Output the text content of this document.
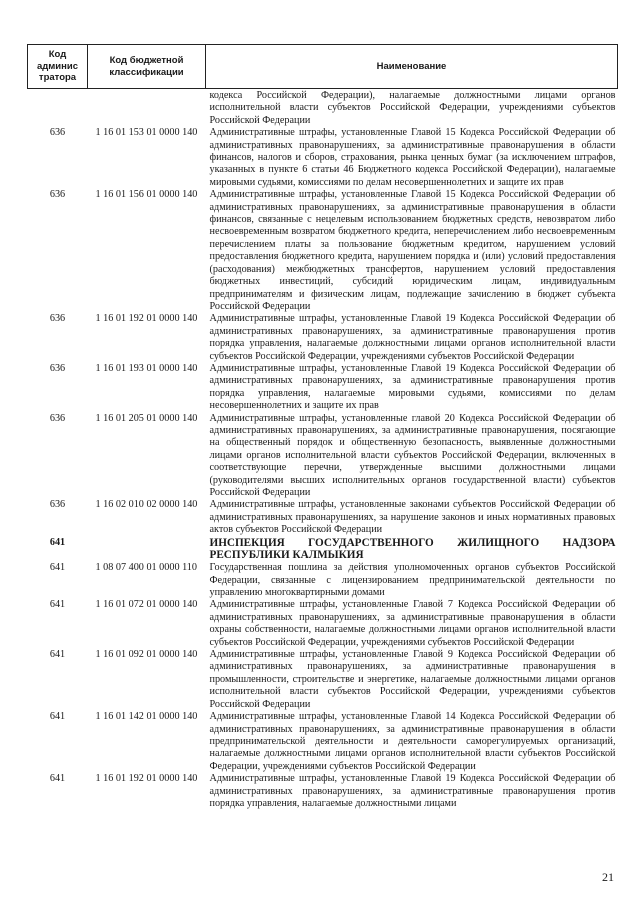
Код админис тратора	Код бюджетной классификации	Наименование
		кодекса Российской Федерации), налагаемые должностными лицами органов исполнительной власти субъектов Российской Федерации, учреждениями субъектов Российской Федерации
636	1 16 01 153 01 0000 140	Административные штрафы, установленные Главой 15 Кодекса Российской Федерации об административных правонарушениях, за административные правонарушения в области финансов, налогов и сборов, страхования, рынка ценных бумаг (за исключением штрафов, указанных в пункте 6 статьи 46 Бюджетного кодекса Российской Федерации), налагаемые мировыми судьями, комиссиями по делам несовершеннолетних и защите их прав
636	1 16 01 156 01 0000 140	Административные штрафы, установленные Главой 15 Кодекса Российской Федерации об административных правонарушениях, за административные правонарушения в области финансов, связанные с нецелевым использованием бюджетных средств, невозвратом либо несвоевременным возвратом бюджетного кредита, неперечислением либо несвоевременным перечислением платы за пользование бюджетным кредитом, нарушением условий предоставления бюджетного кредита, нарушением порядка и (или) условий предоставления (расходования) межбюджетных трансфертов, нарушением условий предоставления бюджетных инвестиций, субсидий юридическим лицам, индивидуальным предпринимателям и физическим лицам, подлежащие зачислению в бюджет субъекта Российской Федерации
636	1 16 01 192 01 0000 140	Административные штрафы, установленные Главой 19 Кодекса Российской Федерации об административных правонарушениях, за административные правонарушения против порядка управления, налагаемые должностными лицами органов исполнительной власти субъектов Российской Федерации, учреждениями субъектов Российской Федерации
636	1 16 01 193 01 0000 140	Административные штрафы, установленные Главой 19 Кодекса Российской Федерации об административных правонарушениях, за административные правонарушения против порядка управления, налагаемые мировыми судьями, комиссиями по делам несовершеннолетних и защите их прав
636	1 16 01 205 01 0000 140	Административные штрафы, установленные главой 20 Кодекса Российской Федерации об административных правонарушениях, за административные правонарушения, посягающие на общественный порядок и общественную безопасность, выявленные должностными лицами органов исполнительной власти субъектов Российской Федерации, включенных в соответствующие перечни, утвержденные высшими должностными лицами (руководителями высших исполнительных органов государственной власти) субъектов Российской Федерации
636	1 16 02 010 02 0000 140	Административные штрафы, установленные законами субъектов Российской Федерации об административных правонарушениях, за нарушение законов и иных нормативных правовых актов субъектов Российской Федерации
641		ИНСПЕКЦИЯ ГОСУДАРСТВЕННОГО ЖИЛИЩНОГО НАДЗОРА РЕСПУБЛИКИ КАЛМЫКИЯ
641	1 08 07 400 01 0000 110	Государственная пошлина за действия уполномоченных органов субъектов Российской Федерации, связанные с лицензированием предпринимательской деятельности по управлению многоквартирными домами
641	1 16 01 072 01 0000 140	Административные штрафы, установленные Главой 7 Кодекса Российской Федерации об административных правонарушениях, за административные правонарушения в области охраны собственности, налагаемые должностными лицами органов исполнительной власти субъектов Российской Федерации, учреждениями субъектов Российской Федерации
641	1 16 01 092 01 0000 140	Административные штрафы, установленные Главой 9 Кодекса Российской Федерации об административных правонарушениях, за административные правонарушения в промышленности, строительстве и энергетике, налагаемые должностными лицами органов исполнительной власти субъектов Российской Федерации, учреждениями субъектов Российской Федерации
641	1 16 01 142 01 0000 140	Административные штрафы, установленные Главой 14 Кодекса Российской Федерации об административных правонарушениях, за административные правонарушения в области предпринимательской деятельности и деятельности саморегулируемых организаций, налагаемые должностными лицами органов исполнительной власти субъектов Российской Федерации, учреждениями субъектов Российской Федерации
641	1 16 01 192 01 0000 140	Административные штрафы, установленные Главой 19 Кодекса Российской Федерации об административных правонарушениях, за административные правонарушения против порядка управления, налагаемые должностными лицами
21
